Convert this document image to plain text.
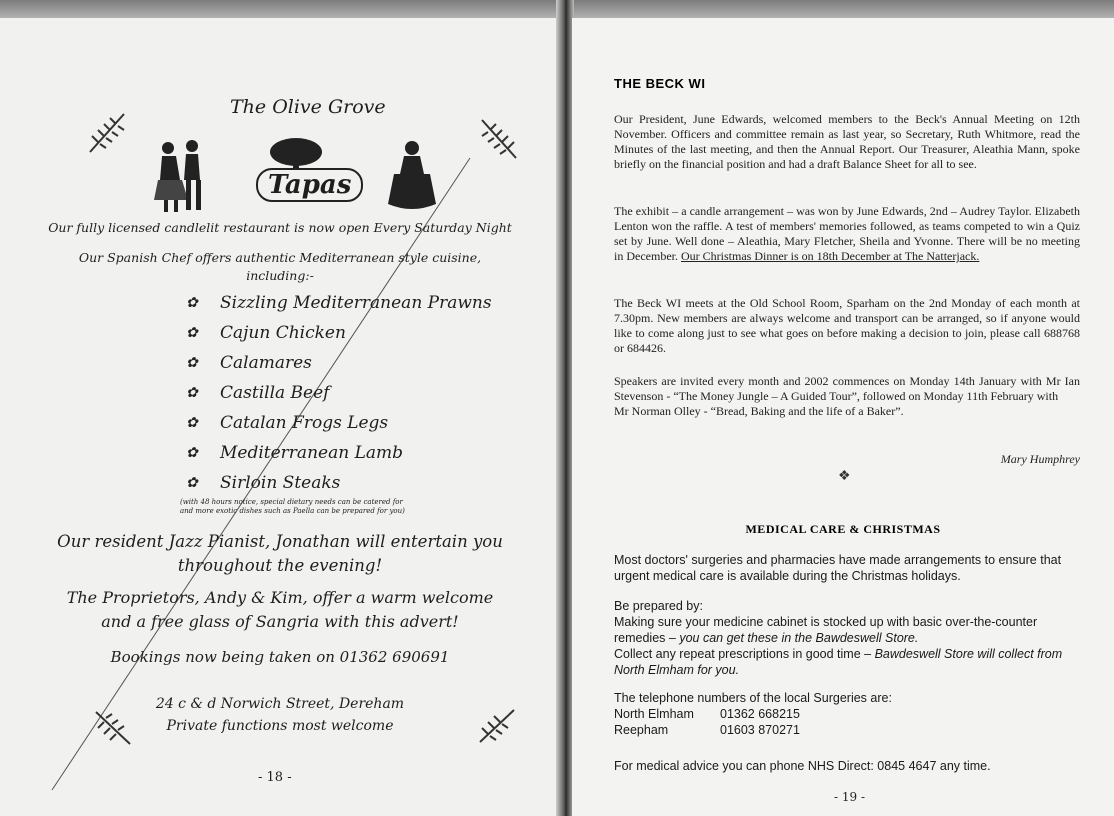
The Olive Grove
Tapas
Our fully licensed candlelit restaurant is now open Every Saturday Night
Our Spanish Chef offers authentic Mediterranean style cuisine,
including:-
✿	Sizzling Mediterranean Prawns
✿	Cajun Chicken
✿	Calamares
✿	Castilla Beef
✿	Catalan Frogs Legs
✿	Mediterranean Lamb
✿	Sirloin Steaks
(with 48 hours notice, special dietary needs can be catered for
and more exotic dishes such as Paella can be prepared for you)
Our resident Jazz Pianist, Jonathan will entertain you
throughout the evening!
The Proprietors, Andy & Kim, offer a warm welcome
and a free glass of Sangria with this advert!
Bookings now being taken on 01362 690691
24 c & d Norwich Street, Dereham
Private functions most welcome
- 18 -
THE BECK WI

Our President, June Edwards, welcomed members to the Beck's Annual Meeting on 12th November. Officers and committee remain as last year, so Secretary, Ruth Whitmore, read the Minutes of the last meeting, and then the Annual Report. Our Treasurer, Aleathia Mann, spoke briefly on the financial position and had a draft Balance Sheet for all to see.

The exhibit – a candle arrangement – was won by June Edwards, 2nd – Audrey Taylor. Elizabeth Lenton won the raffle. A test of members' memories followed, as teams competed to win a Quiz set by June. Well done – Aleathia, Mary Fletcher, Sheila and Yvonne. There will be no meeting in December. Our Christmas Dinner is on 18th December at The Natterjack.

The Beck WI meets at the Old School Room, Sparham on the 2nd Monday of each month at 7.30pm. New members are always welcome and transport can be arranged, so if anyone would like to come along just to see what goes on before making a decision to join, please call 688768 or 684426.

Speakers are invited every month and 2002 commences on Monday 14th January with Mr Ian Stevenson - “The Money Jungle – A Guided Tour”, followed on Monday 11th February with

Mr Norman Olley - “Bread, Baking and the life of a Baker”.

Mary Humphrey
❖
MEDICAL CARE & CHRISTMAS

Most doctors' surgeries and pharmacies have made arrangements to ensure that urgent medical care is available during the Christmas holidays.

Be prepared by:

Making sure your medicine cabinet is stocked up with basic over-the-counter remedies – you can get these in the Bawdeswell Store.

Collect any repeat prescriptions in good time – Bawdeswell Store will collect from North Elmham for you.

The telephone numbers of the local Surgeries are:

North Elmham	01362 668215
Reepham	01603 870271
For medical advice you can phone NHS Direct: 0845 4647 any time.
- 19 -
